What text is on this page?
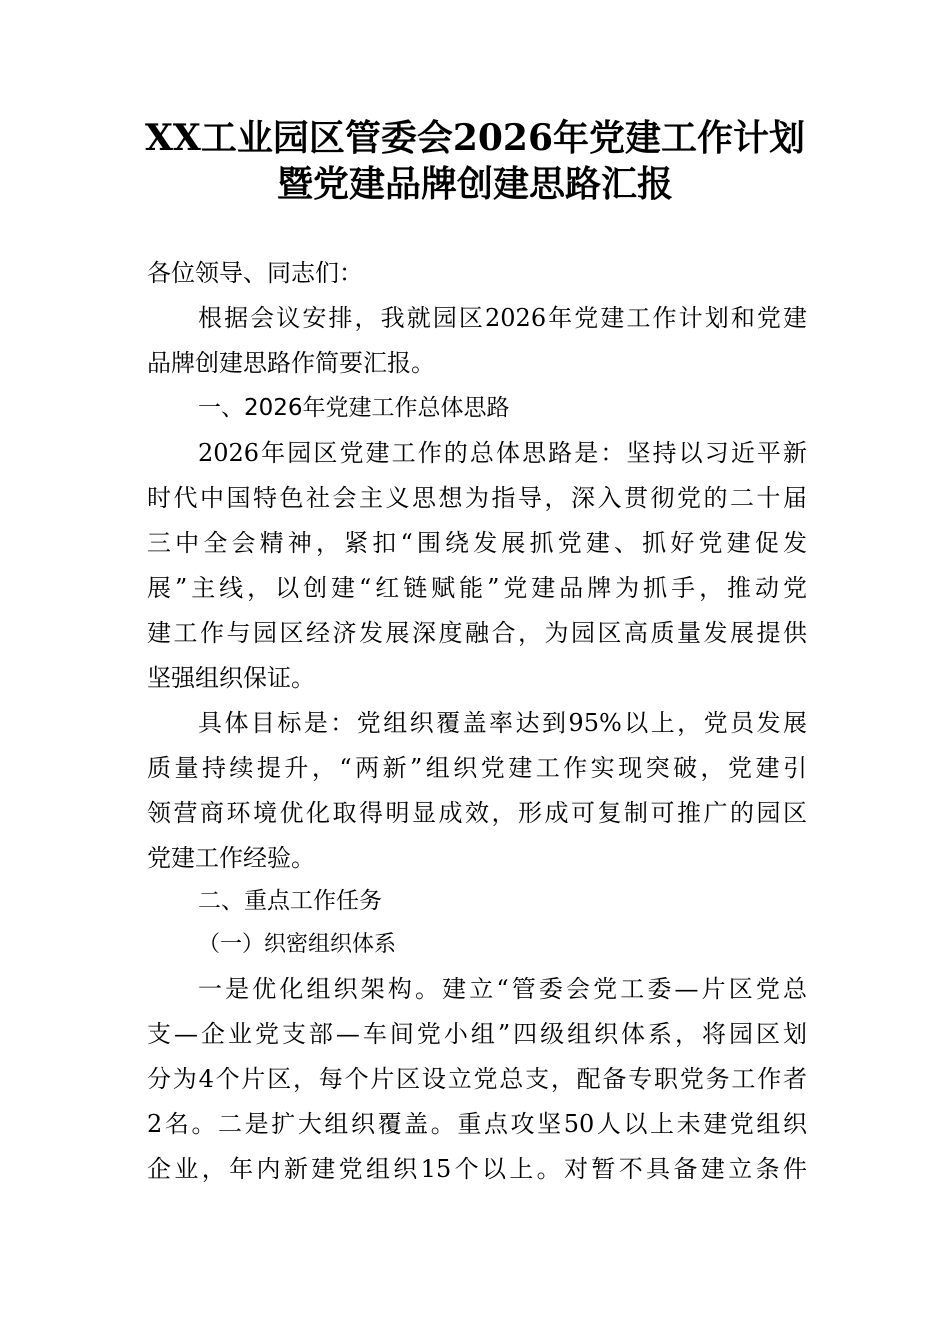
XX工业园区管委会2026年党建工作计划
暨党建品牌创建思路汇报

各位领导、同志们：

根据会议安排，我就园区2026年党建工作计划和党建

品牌创建思路作简要汇报。

一、2026年党建工作总体思路

2026年园区党建工作的总体思路是：坚持以习近平新

时代中国特色社会主义思想为指导，深入贯彻党的二十届

三中全会精神，紧扣“围绕发展抓党建、抓好党建促发

展”主线，以创建“红链赋能”党建品牌为抓手，推动党

建工作与园区经济发展深度融合，为园区高质量发展提供

坚强组织保证。

具体目标是：党组织覆盖率达到95%以上，党员发展

质量持续提升，“两新”组织党建工作实现突破，党建引

领营商环境优化取得明显成效，形成可复制可推广的园区

党建工作经验。

二、重点工作任务

（一）织密组织体系

一是优化组织架构。建立“管委会党工委—片区党总

支—企业党支部—车间党小组”四级组织体系，将园区划

分为4个片区，每个片区设立党总支，配备专职党务工作者

2名。二是扩大组织覆盖。重点攻坚50人以上未建党组织

企业，年内新建党组织15个以上。对暂不具备建立条件
